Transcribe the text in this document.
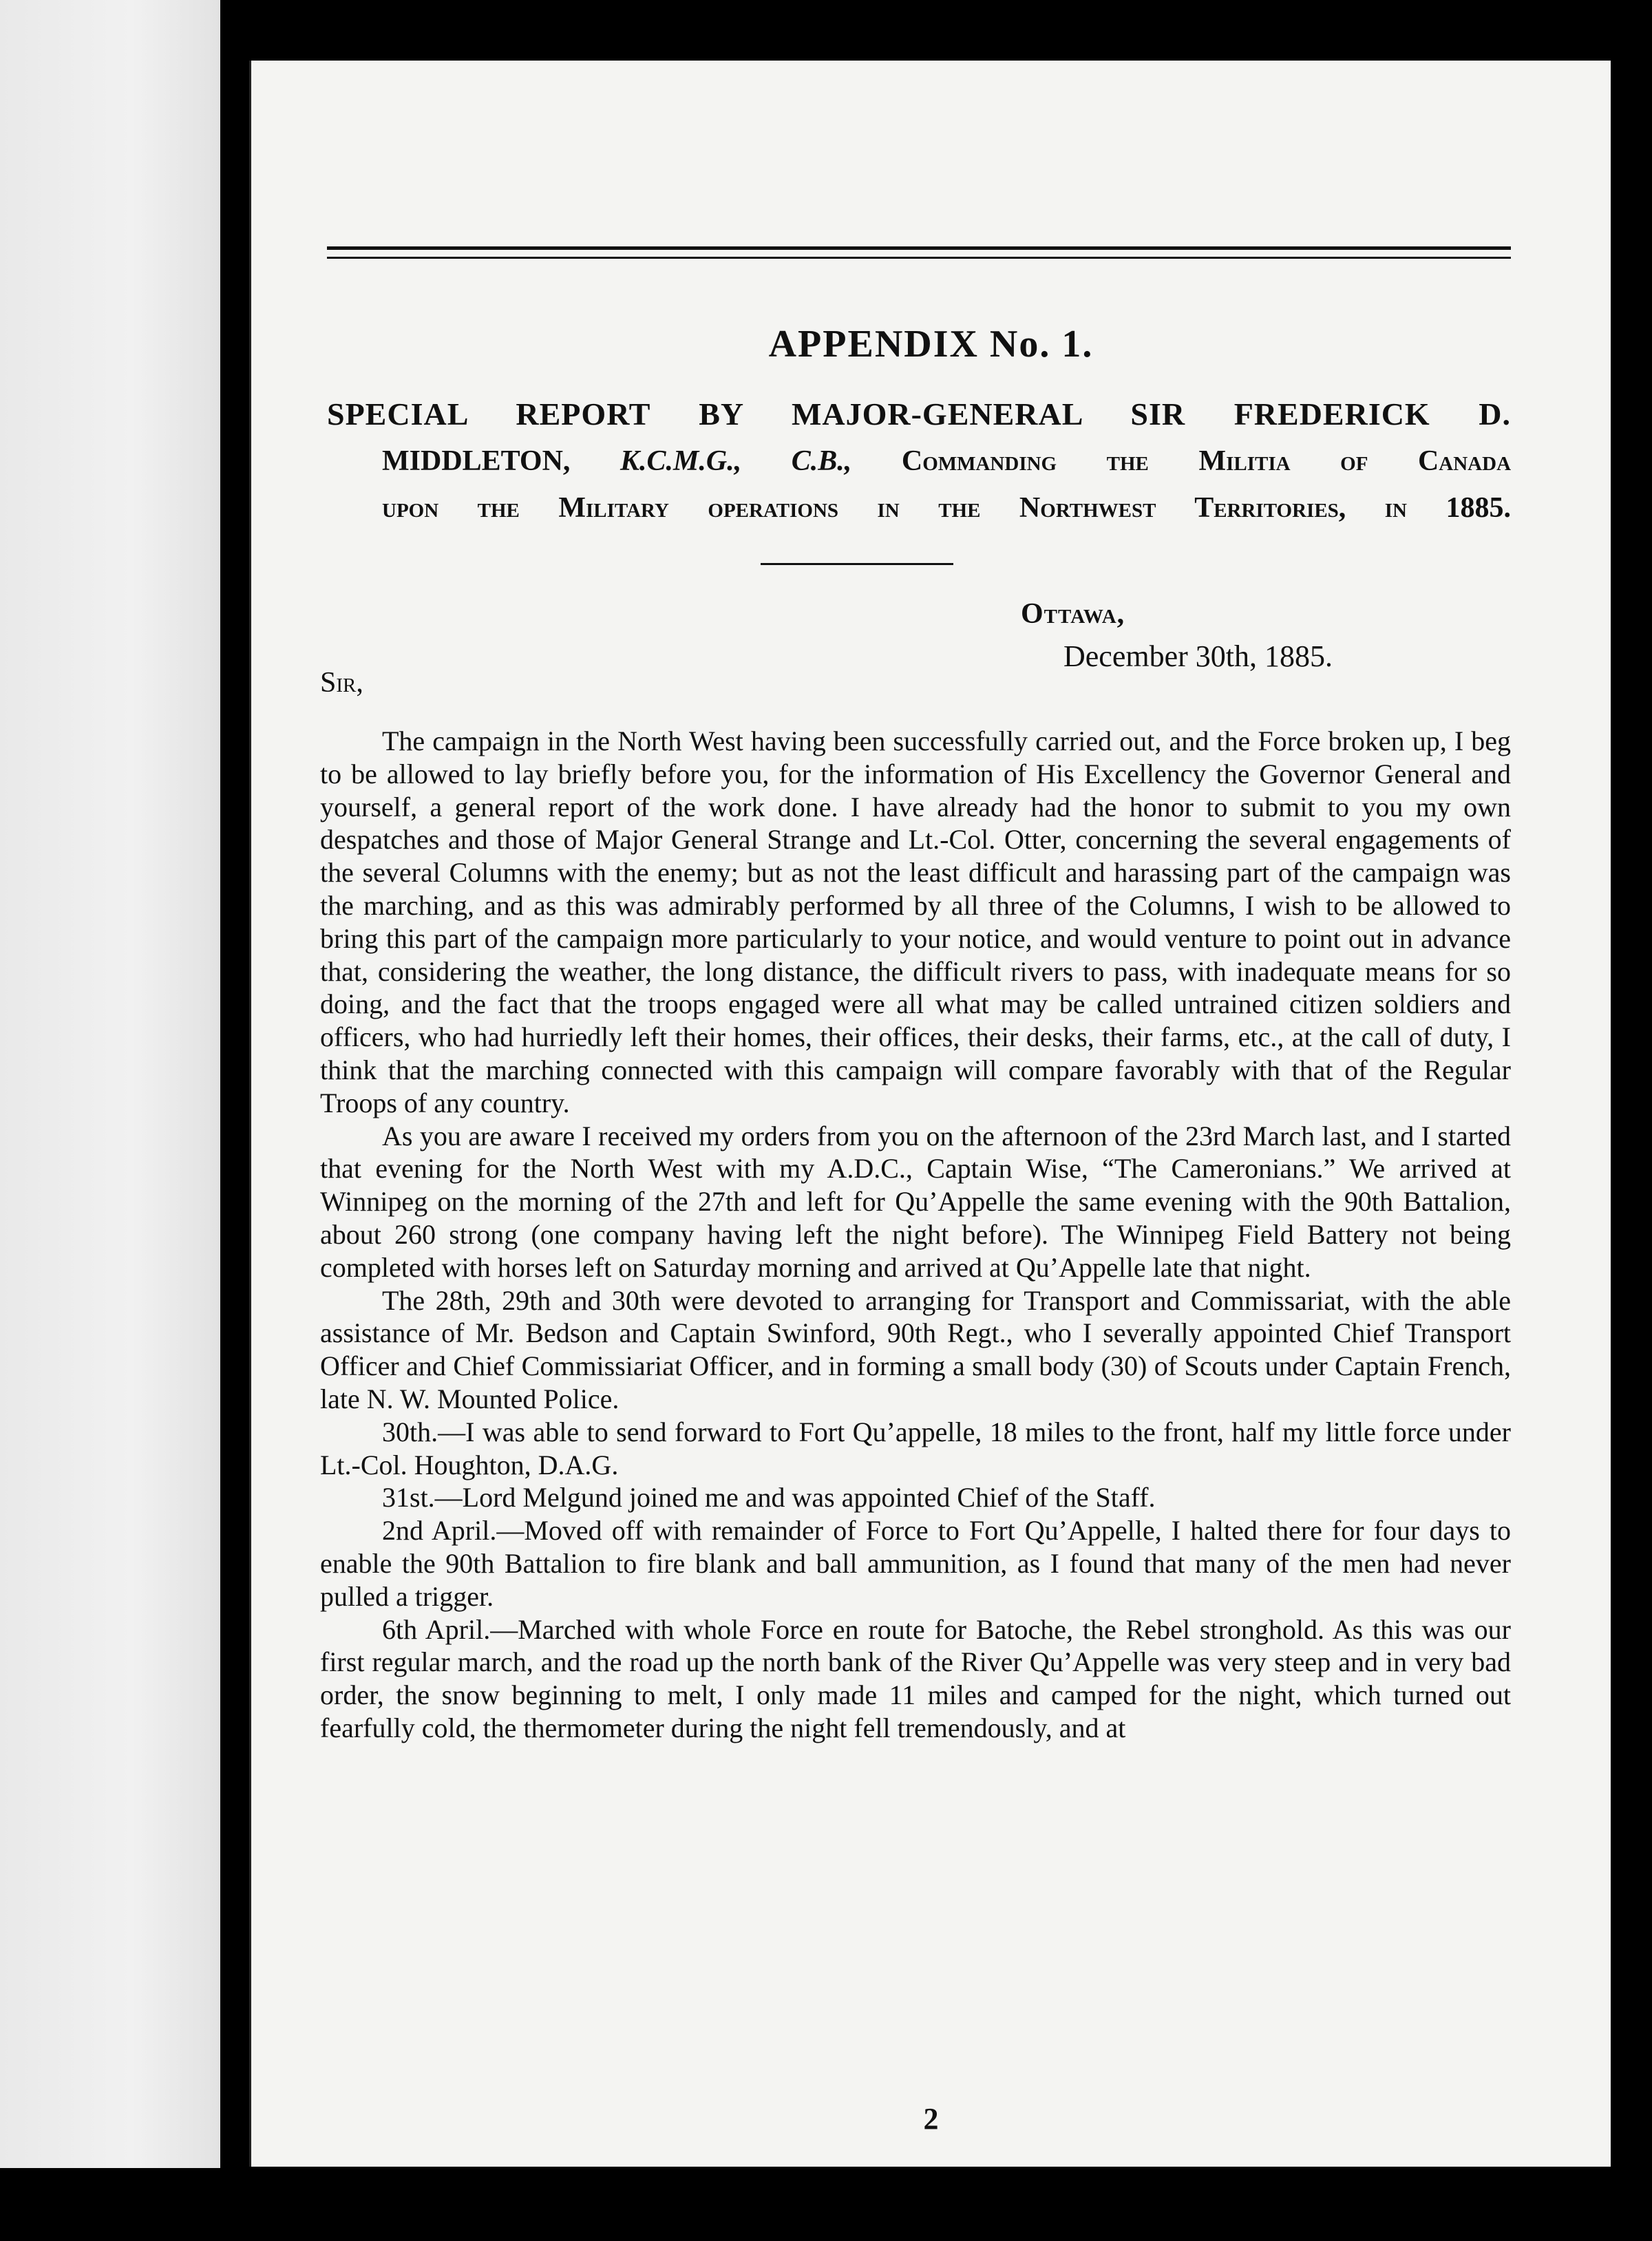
APPENDIX No. 1.
SPECIAL REPORT BY MAJOR-GENERAL SIR FREDERICK D.
MIDDLETON, K.C.M.G., C.B., Commanding the Militia of Canada
upon the Military operations in the Northwest Territories, in 1885.
Ottawa,
December 30th, 1885.
Sir,

The campaign in the North West having been successfully carried out, and the Force broken up, I beg to be allowed to lay briefly before you, for the information of His Excellency the Governor General and yourself, a general report of the work done. I have already had the honor to submit to you my own despatches and those of Major General Strange and Lt.-Col. Otter, concerning the several engagements of the several Columns with the enemy; but as not the least difficult and harassing part of the campaign was the marching, and as this was admirably performed by all three of the Columns, I wish to be allowed to bring this part of the campaign more particularly to your notice, and would venture to point out in advance that, considering the weather, the long distance, the difficult rivers to pass, with inadequate means for so doing, and the fact that the troops engaged were all what may be called untrained citizen soldiers and officers, who had hurriedly left their homes, their offices, their desks, their farms, etc., at the call of duty, I think that the marching connected with this campaign will compare favorably with that of the Regular Troops of any country.

As you are aware I received my orders from you on the afternoon of the 23rd March last, and I started that evening for the North West with my A.D.C., Captain Wise, “The Cameronians.” We arrived at Winnipeg on the morning of the 27th and left for Qu’Appelle the same evening with the 90th Battalion, about 260 strong (one company having left the night before). The Winnipeg Field Battery not being completed with horses left on Saturday morning and arrived at Qu’Appelle late that night.

The 28th, 29th and 30th were devoted to arranging for Transport and Commissariat, with the able assistance of Mr. Bedson and Captain Swinford, 90th Regt., who I severally appointed Chief Transport Officer and Chief Commissiariat Officer, and in forming a small body (30) of Scouts under Captain French, late N. W. Mounted Police.

30th.—I was able to send forward to Fort Qu’appelle, 18 miles to the front, half my little force under Lt.-Col. Houghton, D.A.G.

31st.—Lord Melgund joined me and was appointed Chief of the Staff.

2nd April.—Moved off with remainder of Force to Fort Qu’Appelle, I halted there for four days to enable the 90th Battalion to fire blank and ball ammunition, as I found that many of the men had never pulled a trigger.

6th April.—Marched with whole Force en route for Batoche, the Rebel stronghold. As this was our first regular march, and the road up the north bank of the River Qu’Appelle was very steep and in very bad order, the snow beginning to melt, I only made 11 miles and camped for the night, which turned out fearfully cold, the thermometer during the night fell tremendously, and at

2
